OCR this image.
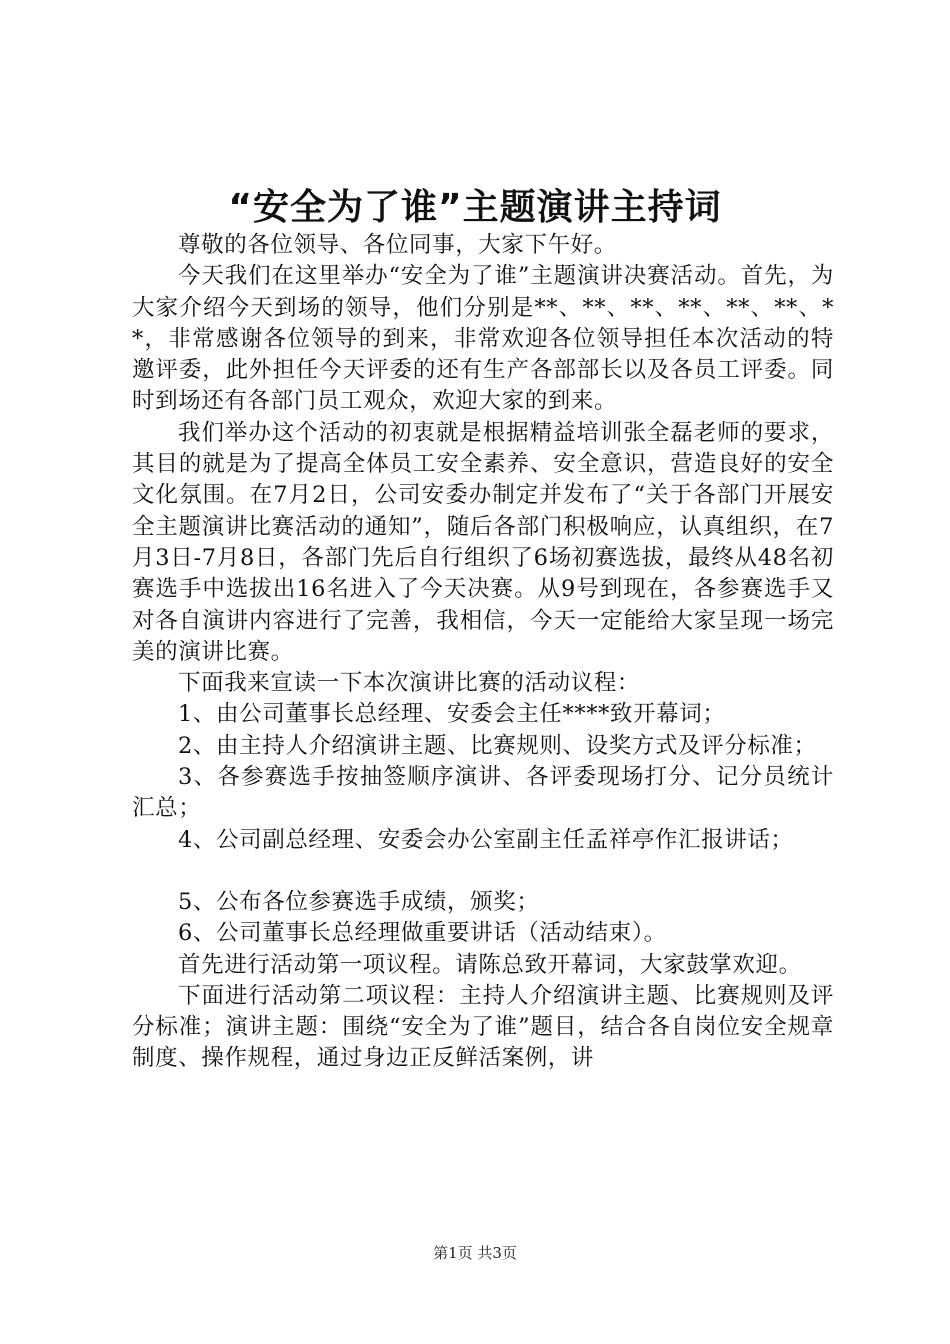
“安全为了谁”主题演讲主持词

尊敬的各位领导、各位同事，大家下午好。

今天我们在这里举办“安全为了谁”主题演讲决赛活动。首先，为大家介绍今天到场的领导，他们分别是**、**、**、**、**、**、**，非常感谢各位领导的到来，非常欢迎各位领导担任本次活动的特邀评委，此外担任今天评委的还有生产各部部长以及各员工评委。同时到场还有各部门员工观众，欢迎大家的到来。

我们举办这个活动的初衷就是根据精益培训张全磊老师的要求，其目的就是为了提高全体员工安全素养、安全意识，营造良好的安全文化氛围。在7月2日，公司安委办制定并发布了“关于各部门开展安全主题演讲比赛活动的通知”，随后各部门积极响应，认真组织，在7月3日-7月8日，各部门先后自行组织了6场初赛选拔，最终从48名初赛选手中选拔出16名进入了今天决赛。从9号到现在，各参赛选手又对各自演讲内容进行了完善，我相信，今天一定能给大家呈现一场完美的演讲比赛。

下面我来宣读一下本次演讲比赛的活动议程：

1、由公司董事长总经理、安委会主任****致开幕词；

2、由主持人介绍演讲主题、比赛规则、设奖方式及评分标准；

3、各参赛选手按抽签顺序演讲、各评委现场打分、记分员统计汇总；

4、公司副总经理、安委会办公室副主任孟祥亭作汇报讲话；

5、公布各位参赛选手成绩，颁奖；

6、公司董事长总经理做重要讲话（活动结束）。

首先进行活动第一项议程。请陈总致开幕词，大家鼓掌欢迎。

下面进行活动第二项议程：主持人介绍演讲主题、比赛规则及评分标准；演讲主题：围绕“安全为了谁”题目，结合各自岗位安全规章制度、操作规程，通过身边正反鲜活案例，讲

第1页 共3页
